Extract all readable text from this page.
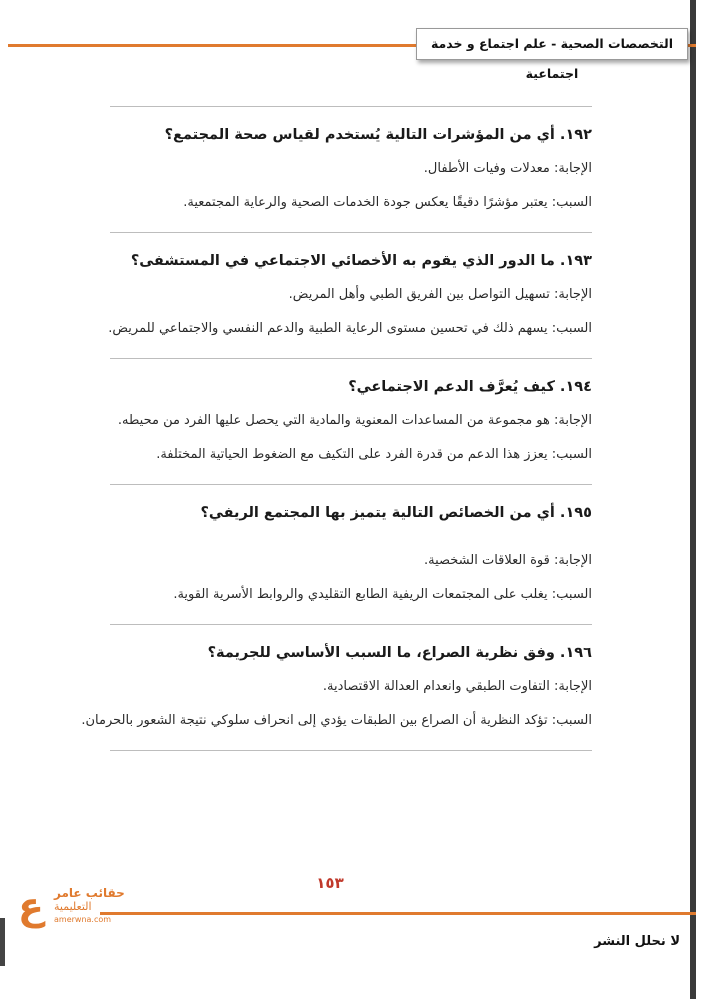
التخصصات الصحية - علم اجتماع و خدمة اجتماعية

١٩٢. أي من المؤشرات التالية يُستخدم لقياس صحة المجتمع؟

الإجابة: معدلات وفيات الأطفال.

السبب: يعتبر مؤشرًا دقيقًا يعكس جودة الخدمات الصحية والرعاية المجتمعية.

١٩٣. ما الدور الذي يقوم به الأخصائي الاجتماعي في المستشفى؟

الإجابة: تسهيل التواصل بين الفريق الطبي وأهل المريض.

السبب: يسهم ذلك في تحسين مستوى الرعاية الطبية والدعم النفسي والاجتماعي للمريض.

١٩٤. كيف يُعرَّف الدعم الاجتماعي؟

الإجابة: هو مجموعة من المساعدات المعنوية والمادية التي يحصل عليها الفرد من محيطه.

السبب: يعزز هذا الدعم من قدرة الفرد على التكيف مع الضغوط الحياتية المختلفة.

١٩٥. أي من الخصائص التالية يتميز بها المجتمع الريفي؟

الإجابة: قوة العلاقات الشخصية.

السبب: يغلب على المجتمعات الريفية الطابع التقليدي والروابط الأسرية القوية.

١٩٦. وفق نظرية الصراع، ما السبب الأساسي للجريمة؟

الإجابة: التفاوت الطبقي وانعدام العدالة الاقتصادية.

السبب: تؤكد النظرية أن الصراع بين الطبقات يؤدي إلى انحراف سلوكي نتيجة الشعور بالحرمان.

١٥٣
ع حقائب عامر
التعليمية
amerwna.com
لا نحلل النشر
